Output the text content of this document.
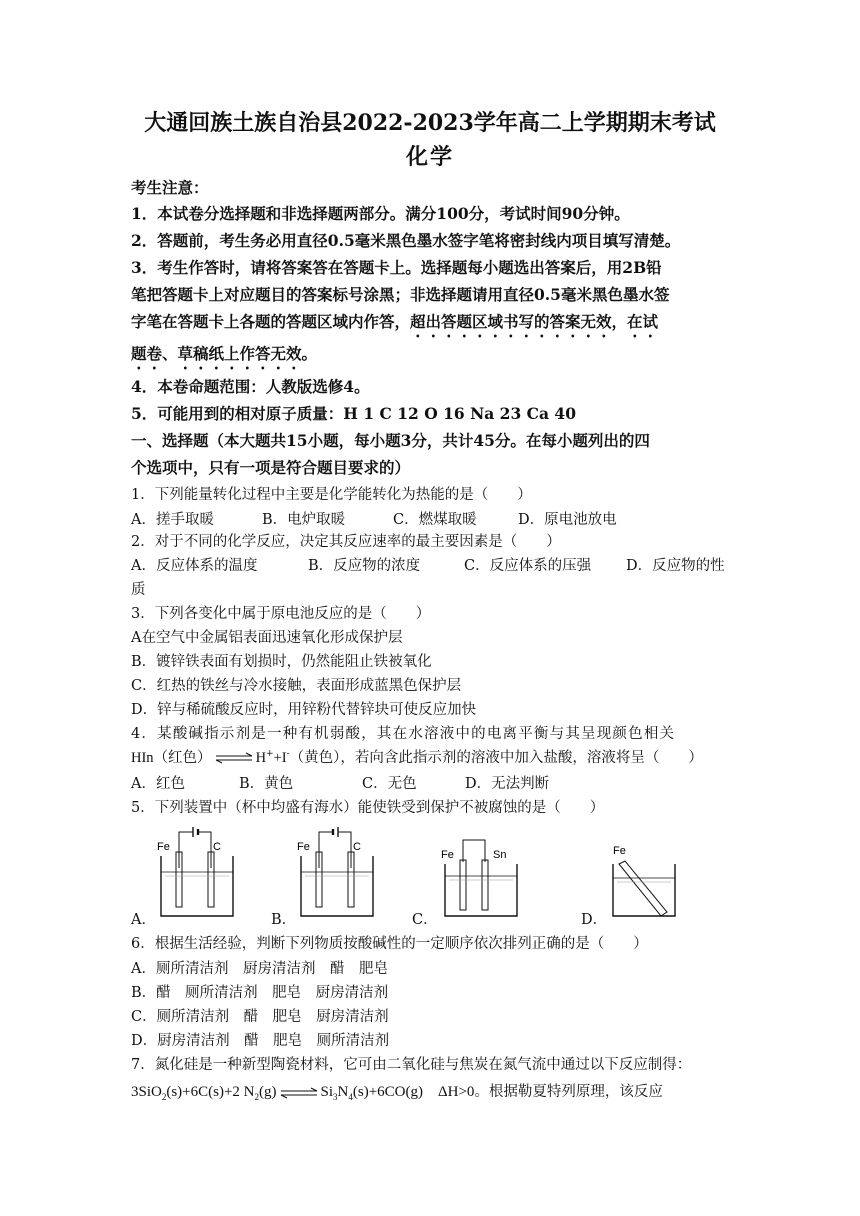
大通回族土族自治县2022-2023学年高二上学期期末考试
化学
考生注意：
1．本试卷分选择题和非选择题两部分。满分100分，考试时间90分钟。
2．答题前，考生务必用直径0.5毫米黑色墨水签字笔将密封线内项目填写清楚。
3．考生作答时，请将答案答在答题卡上。选择题每小题选出答案后，用2B铅
笔把答题卡上对应题目的答案标号涂黑；非选择题请用直径0.5毫米黑色墨水签
字笔在答题卡上各题的答题区域内作答，超出答题区域书写的答案无效，在试
题卷、草稿纸上作答无效。
4．本卷命题范围：人教版选修4。
5．可能用到的相对原子质量：H 1 C 12 O 16 Na 23 Ca 40
一、选择题（本大题共15小题，每小题3分，共计45分。在每小题列出的四
个选项中，只有一项是符合题目要求的）
1．下列能量转化过程中主要是化学能转化为热能的是（　　）
A．搓手取暖	B．电炉取暖	C．燃煤取暖	D．原电池放电
2．对于不同的化学反应，决定其反应速率的最主要因素是（　　）
A．反应体系的温度	B．反应物的浓度	C．反应体系的压强 D．反应物的性
质
3．下列各变化中属于原电池反应的是（　　）
A在空气中金属铝表面迅速氧化形成保护层
B．镀锌铁表面有划损时，仍然能阻止铁被氧化
C．红热的铁丝与冷水接触，表面形成蓝黑色保护层
D．锌与稀硫酸反应时，用锌粉代替锌块可使反应加快
4．某酸碱指示剂是一种有机弱酸，其在水溶液中的电离平衡与其呈现颜色相关
HIn（红色） ⇌ H++I-（黄色），若向含此指示剂的溶液中加入盐酸，溶液将呈（　　）
A．红色	B．黄色	C．无色	D．无法判断
5．下列装置中（杯中均盛有海水）能使铁受到保护不被腐蚀的是（　　）
A．
Fe	C
B．
Fe	C
C．
Fe	Sn
D．
Fe
6．根据生活经验，判断下列物质按酸碱性的一定顺序依次排列正确的是（　　）
A．厕所清洁剂　厨房清洁剂　醋　肥皂
B．醋　厕所清洁剂　肥皂　厨房清洁剂
C．厕所清洁剂　醋　肥皂　厨房清洁剂
D．厨房清洁剂　醋　肥皂　厕所清洁剂
7．氮化硅是一种新型陶瓷材料，它可由二氧化硅与焦炭在氮气流中通过以下反应制得：
3SiO$_2$(s)+6C(s)+2 $N_2(g)$ ⇌ $Si_3N_4(s)+6CO(g)$　ΔH>0。根据勒夏特列原理，该反应
